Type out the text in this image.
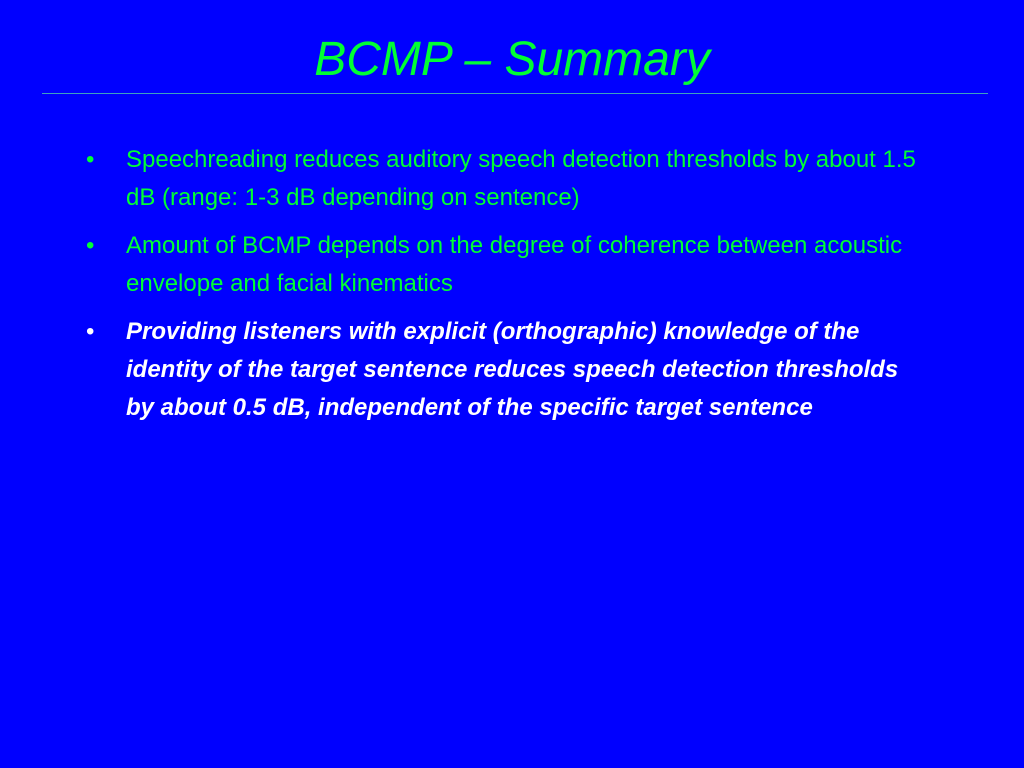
BCMP – Summary
•	Speechreading reduces auditory speech detection thresholds by about 1.5 dB (range: 1-3 dB depending on sentence)
•	Amount of BCMP depends on the degree of coherence between acoustic envelope and facial kinematics
•	Providing listeners with explicit (orthographic) knowledge of the identity of the target sentence reduces speech detection thresholds by about 0.5 dB, independent of the specific target sentence
